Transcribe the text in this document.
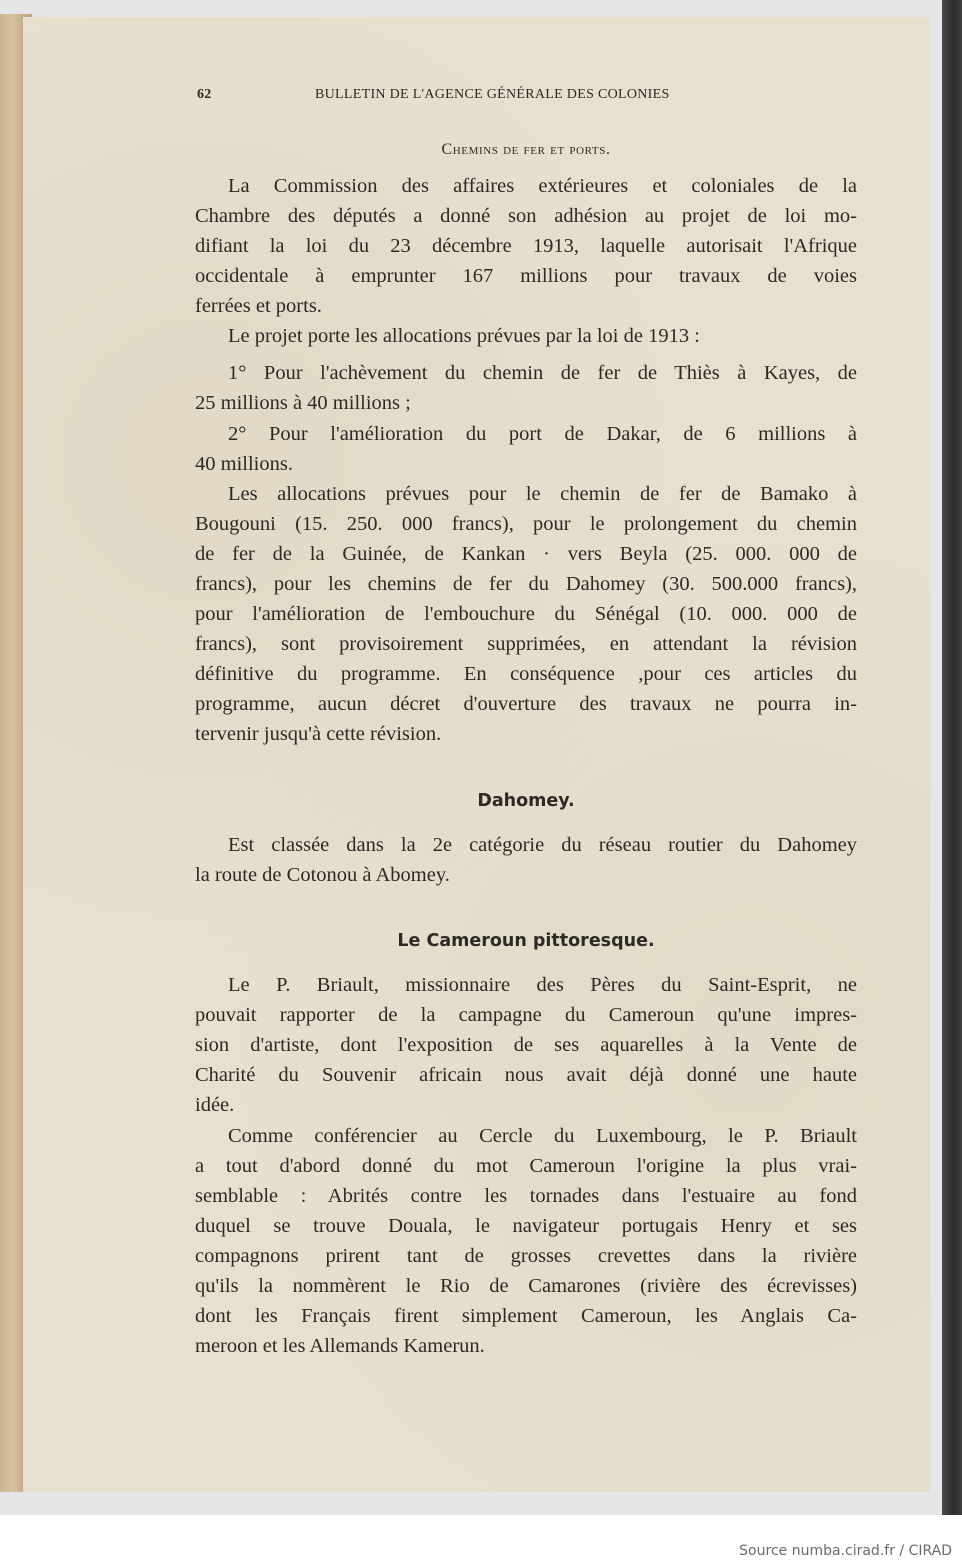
62	BULLETIN DE L'AGENCE GÉNÉRALE DES COLONIES
Chemins de fer et ports.
La Commission des affaires extérieures et coloniales de la
Chambre des députés a donné son adhésion au projet de loi mo-
difiant la loi du 23 décembre 1913, laquelle autorisait l'Afrique
occidentale à emprunter 167 millions pour travaux de voies
ferrées et ports.
Le projet porte les allocations prévues par la loi de 1913 :
1° Pour l'achèvement du chemin de fer de Thiès à Kayes, de
25 millions à 40 millions ;
2° Pour l'amélioration du port de Dakar, de 6 millions à
40 millions.
Les allocations prévues pour le chemin de fer de Bamako à
Bougouni (15. 250. 000 francs), pour le prolongement du chemin
de fer de la Guinée, de Kankan · vers Beyla (25. 000. 000 de
francs), pour les chemins de fer du Dahomey (30. 500.000 francs),
pour l'amélioration de l'embouchure du Sénégal (10. 000. 000 de
francs), sont provisoirement supprimées, en attendant la révision
définitive du programme. En conséquence ,pour ces articles du
programme, aucun décret d'ouverture des travaux ne pourra in-
tervenir jusqu'à cette révision.
Dahomey.
Est classée dans la 2e catégorie du réseau routier du Dahomey
la route de Cotonou à Abomey.
Le Cameroun pittoresque.
Le P. Briault, missionnaire des Pères du Saint-Esprit, ne
pouvait rapporter de la campagne du Cameroun qu'une impres-
sion d'artiste, dont l'exposition de ses aquarelles à la Vente de
Charité du Souvenir africain nous avait déjà donné une haute
idée.
Comme conférencier au Cercle du Luxembourg, le P. Briault
a tout d'abord donné du mot Cameroun l'origine la plus vrai-
semblable : Abrités contre les tornades dans l'estuaire au fond
duquel se trouve Douala, le navigateur portugais Henry et ses
compagnons prirent tant de grosses crevettes dans la rivière
qu'ils la nommèrent le Rio de Camarones (rivière des écrevisses)
dont les Français firent simplement Cameroun, les Anglais Ca-
meroon et les Allemands Kamerun.
Source numba.cirad.fr / CIRAD
